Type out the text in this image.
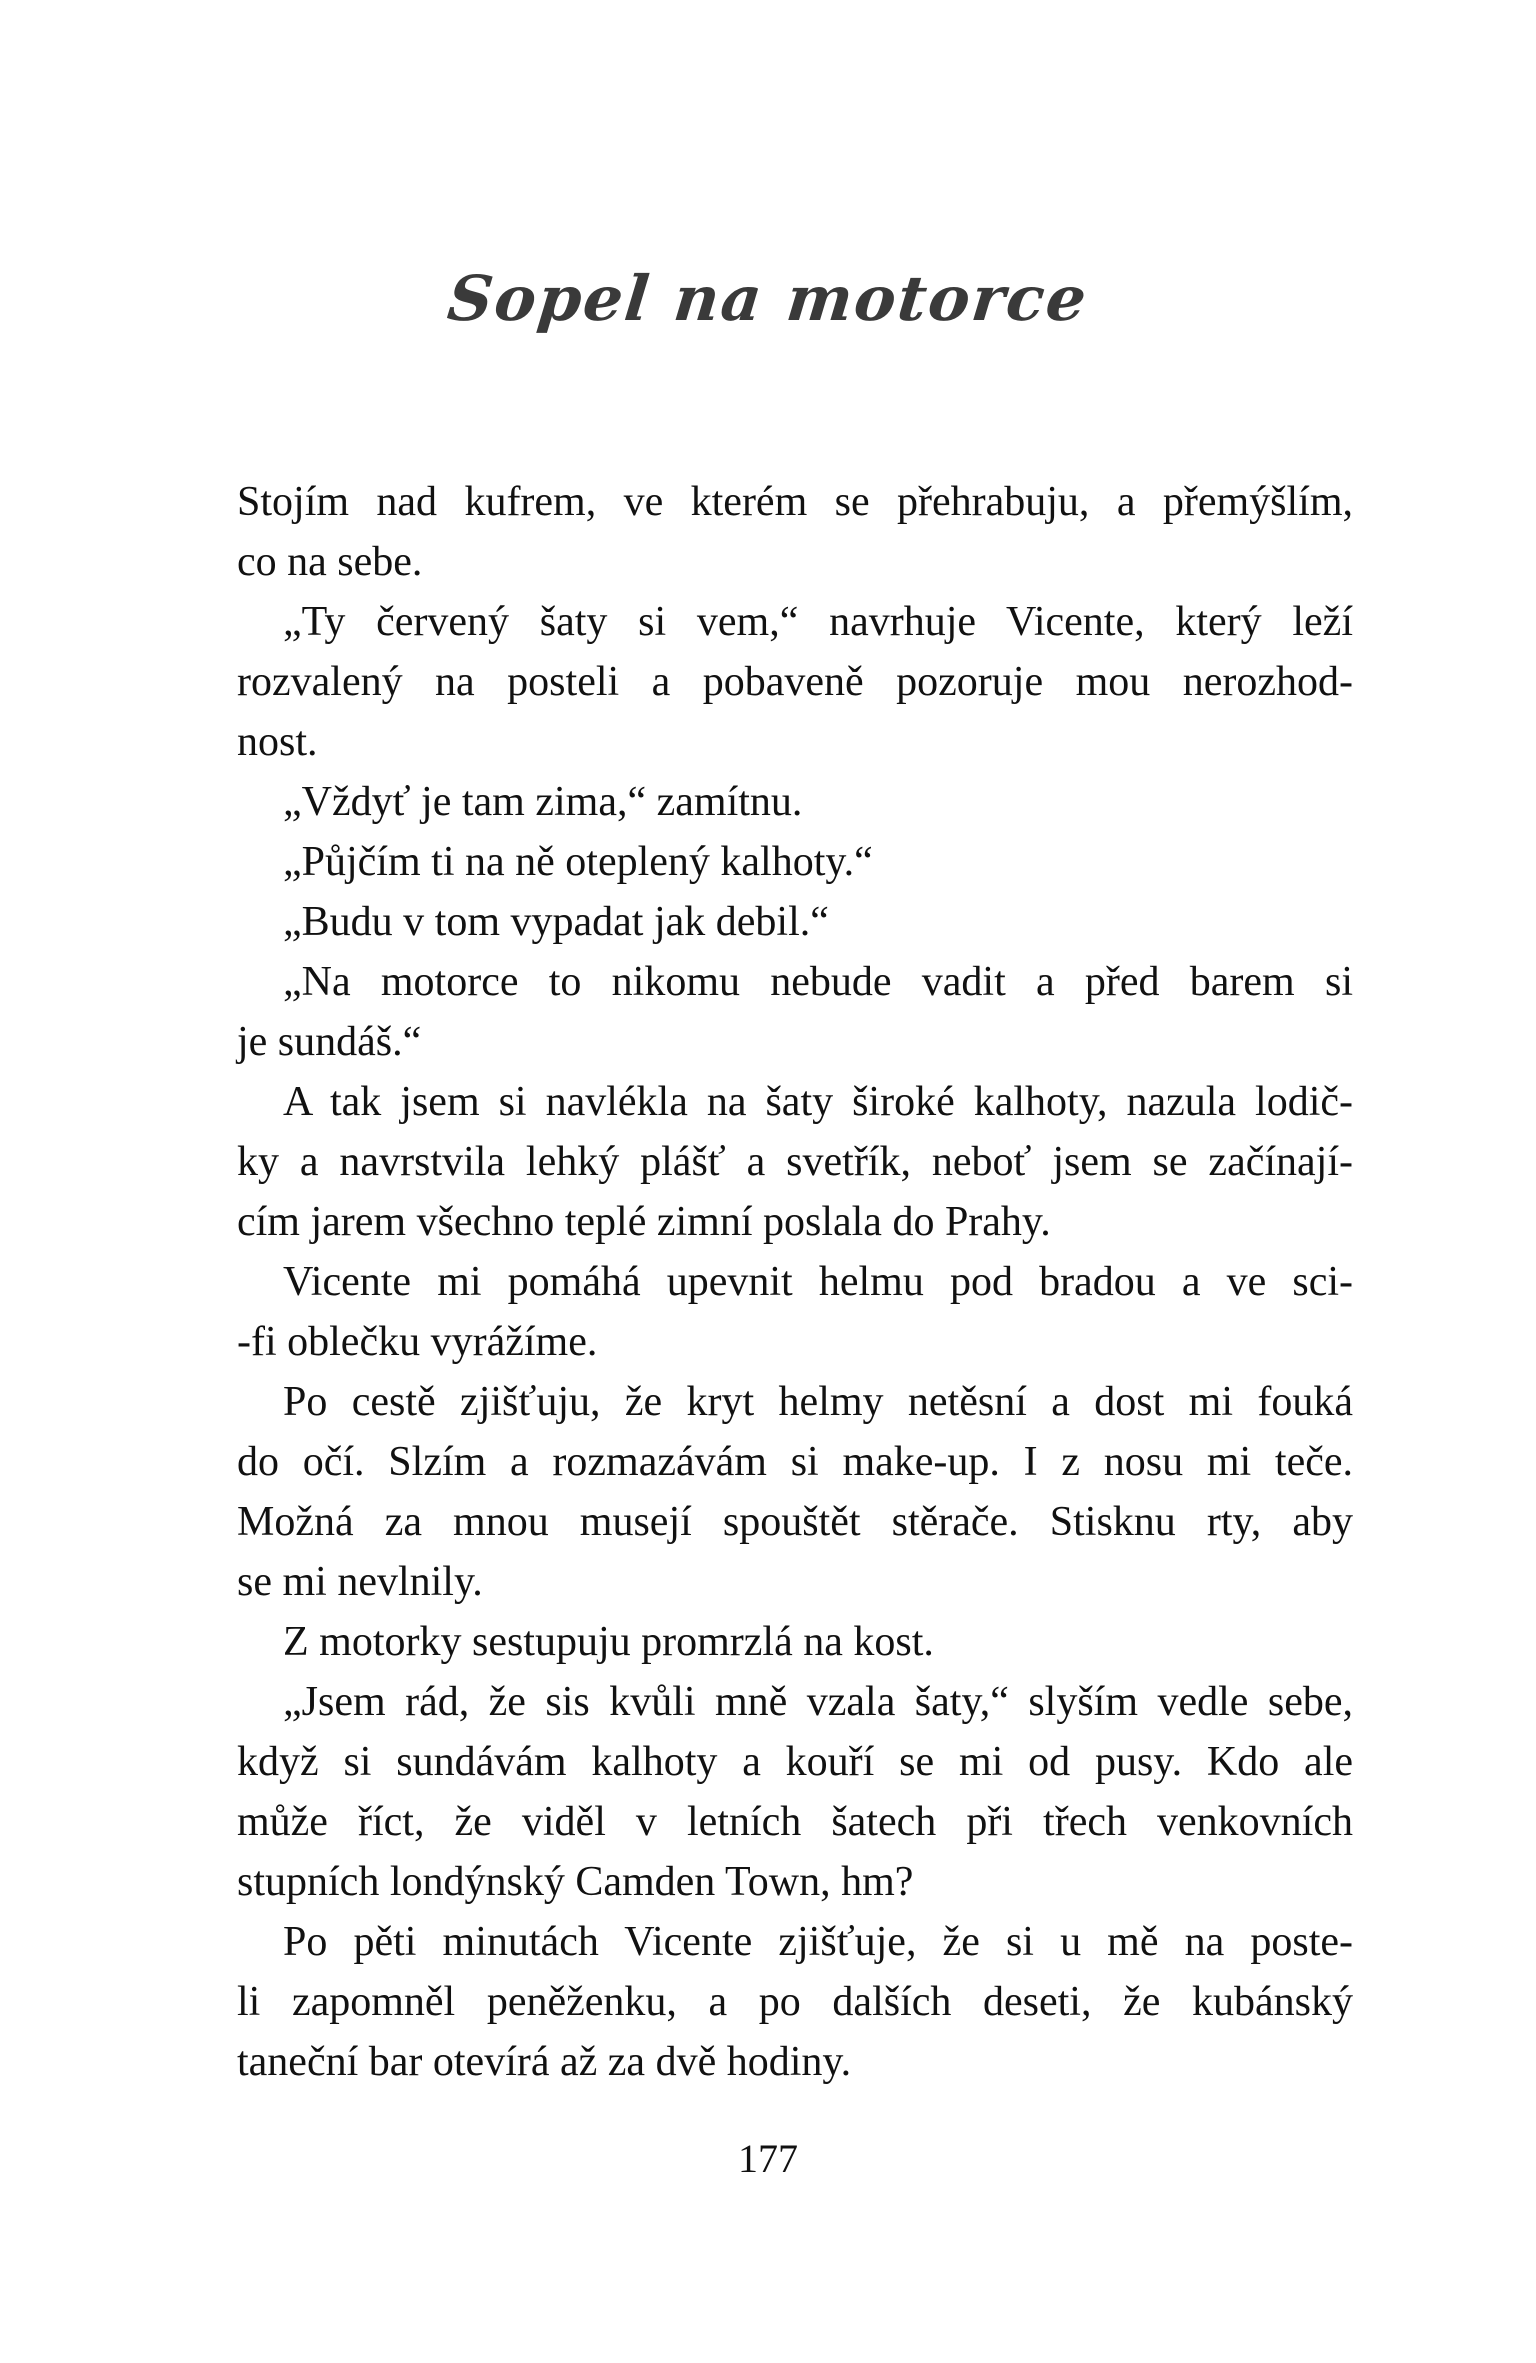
Sopel na motorce
Stojím nad kufrem, ve kterém se přehrabuju, a přemýšlím,
co na sebe.
„Ty červený šaty si vem,“ navrhuje Vicente, který leží
rozvalený na posteli a pobaveně pozoruje mou nerozhod-
nost.
„Vždyť je tam zima,“ zamítnu.
„Půjčím ti na ně oteplený kalhoty.“
„Budu v tom vypadat jak debil.“
„Na motorce to nikomu nebude vadit a před barem si
je sundáš.“
A tak jsem si navlékla na šaty široké kalhoty, nazula lodič-
ky a navrstvila lehký plášť a svetřík, neboť jsem se začínají-
cím jarem všechno teplé zimní poslala do Prahy.
Vicente mi pomáhá upevnit helmu pod bradou a ve sci-
-fi oblečku vyrážíme.
Po cestě zjišťuju, že kryt helmy netěsní a dost mi fouká
do očí. Slzím a rozmazávám si make-up. I z nosu mi teče.
Možná za mnou musejí spouštět stěrače. Stisknu rty, aby
se mi nevlnily.
Z motorky sestupuju promrzlá na kost.
„Jsem rád, že sis kvůli mně vzala šaty,“ slyším vedle sebe,
když si sundávám kalhoty a kouří se mi od pusy. Kdo ale
může říct, že viděl v letních šatech při třech venkovních
stupních londýnský Camden Town, hm?
Po pěti minutách Vicente zjišťuje, že si u mě na poste-
li zapomněl peněženku, a po dalších deseti, že kubánský
taneční bar otevírá až za dvě hodiny.
177
